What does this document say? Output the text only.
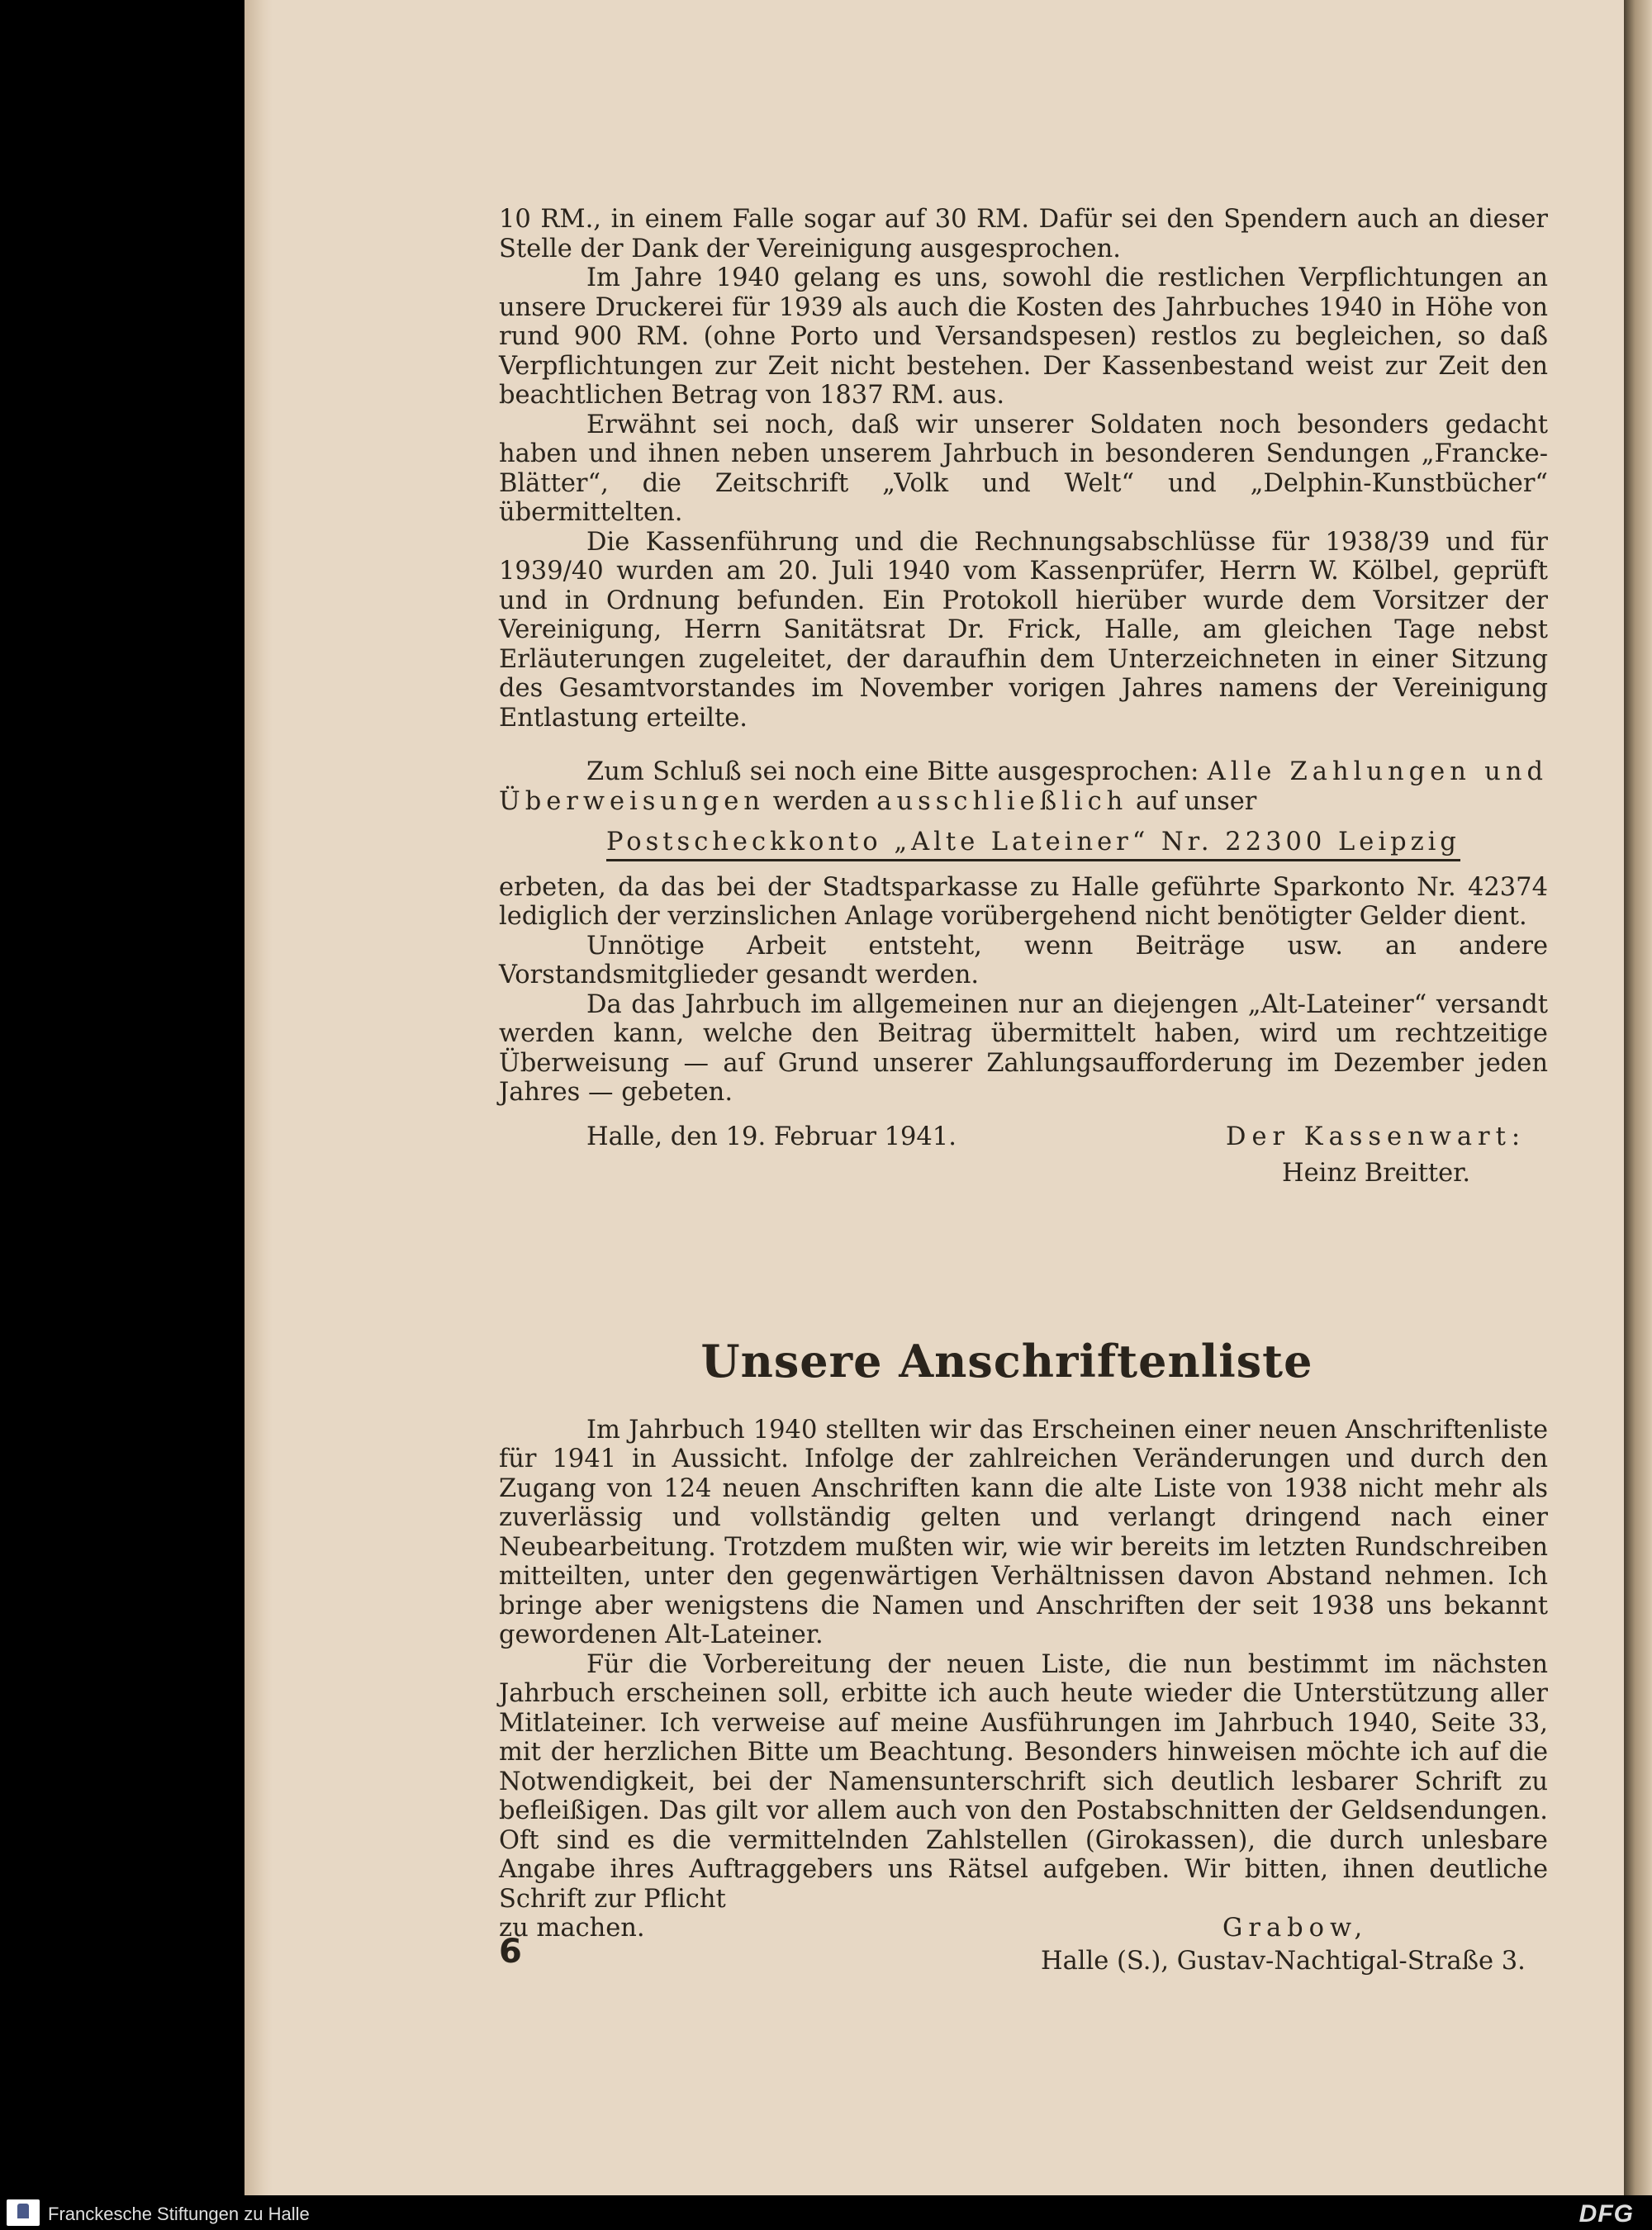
10 RM., in einem Falle sogar auf 30 RM. Dafür sei den Spendern auch an dieser Stelle der Dank der Vereinigung ausgesprochen.

Im Jahre 1940 gelang es uns, sowohl die restlichen Verpflichtungen an unsere Druckerei für 1939 als auch die Kosten des Jahrbuches 1940 in Höhe von rund 900 RM. (ohne Porto und Versandspesen) restlos zu begleichen, so daß Verpflichtungen zur Zeit nicht bestehen. Der Kassenbestand weist zur Zeit den beachtlichen Betrag von 1837 RM. aus.

Erwähnt sei noch, daß wir unserer Soldaten noch besonders gedacht haben und ihnen neben unserem Jahrbuch in besonderen Sendungen „Francke-Blätter“, die Zeitschrift „Volk und Welt“ und „Delphin-Kunstbücher“ übermittelten.

Die Kassenführung und die Rechnungsabschlüsse für 1938/39 und für 1939/40 wurden am 20. Juli 1940 vom Kassenprüfer, Herrn W. Kölbel, geprüft und in Ordnung befunden. Ein Protokoll hierüber wurde dem Vorsitzer der Vereinigung, Herrn Sanitätsrat Dr. Frick, Halle, am gleichen Tage nebst Erläuterungen zugeleitet, der daraufhin dem Unterzeichneten in einer Sitzung des Gesamtvorstandes im November vorigen Jahres namens der Vereinigung Entlastung erteilte.

Zum Schluß sei noch eine Bitte ausgesprochen: Alle Zahlungen und Überweisungen werden ausschließlich auf unser

Postscheckkonto „Alte Lateiner“ Nr. 22300 Leipzig

erbeten, da das bei der Stadtsparkasse zu Halle geführte Sparkonto Nr. 42374 lediglich der verzinslichen Anlage vorübergehend nicht benötigter Gelder dient.

Unnötige Arbeit entsteht, wenn Beiträge usw. an andere Vorstandsmitglieder gesandt werden.

Da das Jahrbuch im allgemeinen nur an diejengen „Alt-Lateiner“ versandt werden kann, welche den Beitrag übermittelt haben, wird um rechtzeitige Überweisung — auf Grund unserer Zahlungsaufforderung im Dezember jeden Jahres — gebeten.

Halle, den 19. Februar 1941.	Der Kassenwart:
Heinz Breitter.
Unsere Anschriftenliste

Im Jahrbuch 1940 stellten wir das Erscheinen einer neuen Anschriftenliste für 1941 in Aussicht. Infolge der zahlreichen Veränderungen und durch den Zugang von 124 neuen Anschriften kann die alte Liste von 1938 nicht mehr als zuverlässig und vollständig gelten und verlangt dringend nach einer Neubearbeitung. Trotzdem mußten wir, wie wir bereits im letzten Rundschreiben mitteilten, unter den gegenwärtigen Verhältnissen davon Abstand nehmen. Ich bringe aber wenigstens die Namen und Anschriften der seit 1938 uns bekannt gewordenen Alt-Lateiner.

Für die Vorbereitung der neuen Liste, die nun bestimmt im nächsten Jahrbuch erscheinen soll, erbitte ich auch heute wieder die Unterstützung aller Mitlateiner. Ich verweise auf meine Ausführungen im Jahrbuch 1940, Seite 33, mit der herzlichen Bitte um Beachtung. Besonders hinweisen möchte ich auf die Notwendigkeit, bei der Namensunterschrift sich deutlich lesbarer Schrift zu befleißigen. Das gilt vor allem auch von den Postabschnitten der Geldsendungen. Oft sind es die vermittelnden Zahlstellen (Girokassen), die durch unlesbare Angabe ihres Auftraggebers uns Rätsel aufgeben. Wir bitten, ihnen deutliche Schrift zur Pflicht

zu machen.	Grabow,
Halle (S.), Gustav-Nachtigal-Straße 3.
6
Franckesche Stiftungen zu Halle	DFG
